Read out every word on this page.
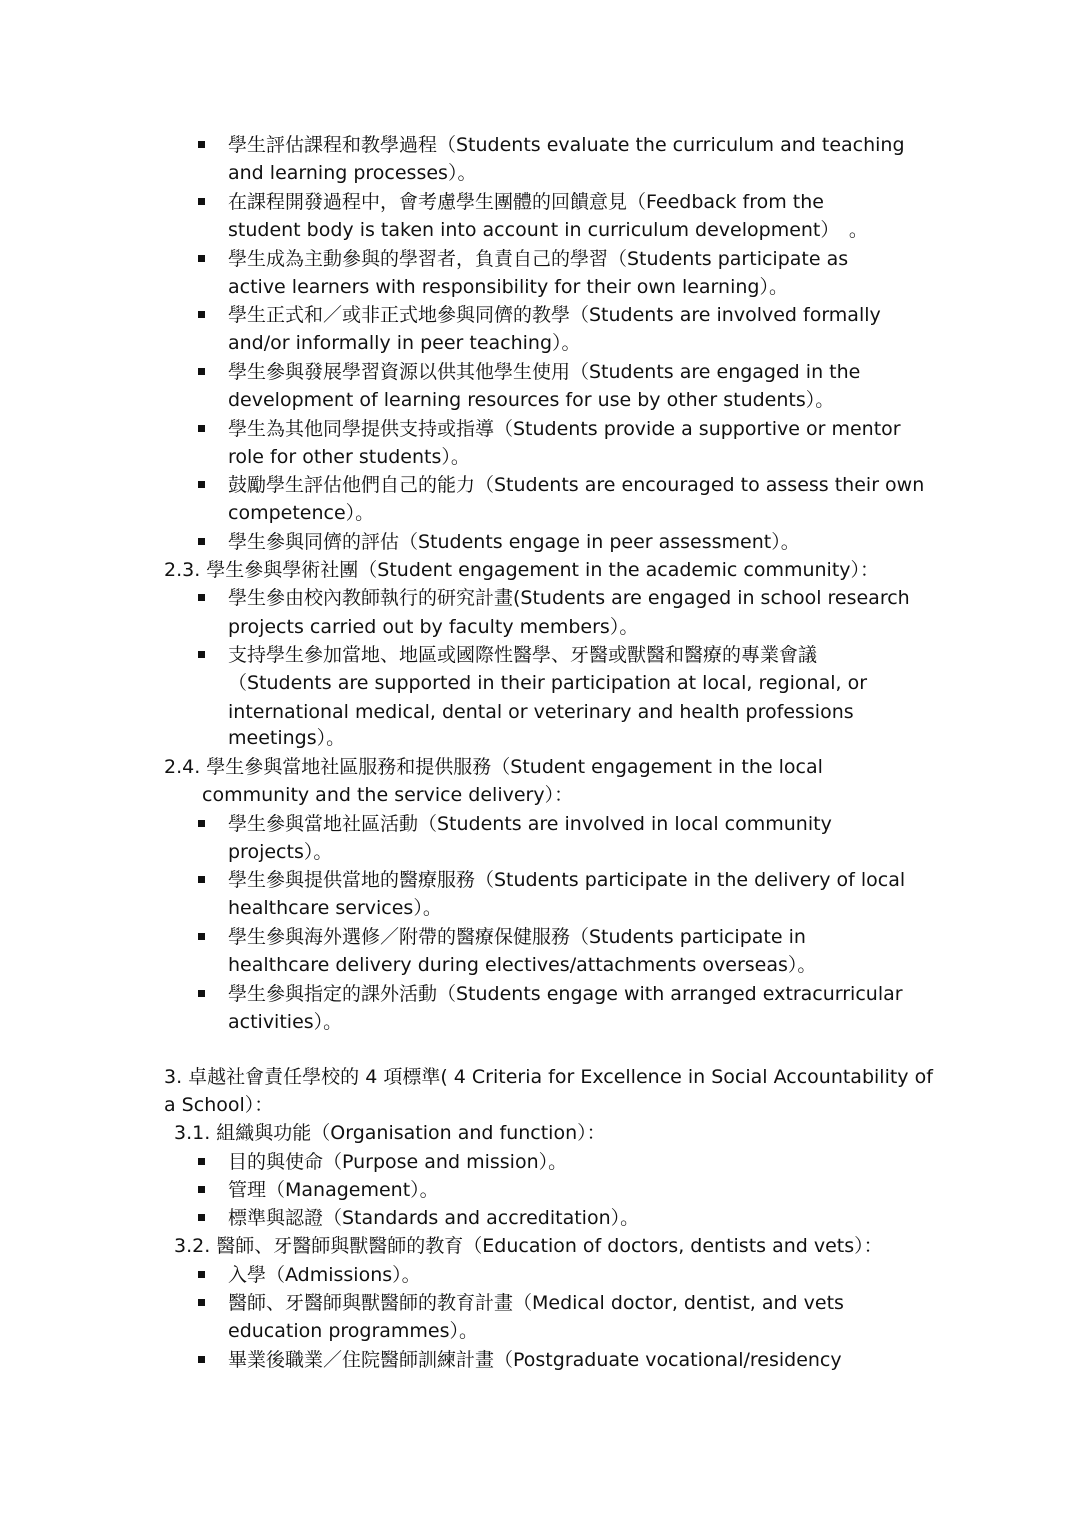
學生評估課程和教學過程（Students evaluate the curriculum and teaching
and learning processes）。
在課程開發過程中，會考慮學生團體的回饋意見（Feedback from the
student body is taken into account in curriculum development）　。
學生成為主動參與的學習者，負責自己的學習（Students participate as
active learners with responsibility for their own learning）。
學生正式和／或非正式地參與同儕的教學（Students are involved formally
and/or informally in peer teaching）。
學生參與發展學習資源以供其他學生使用（Students are engaged in the
development of learning resources for use by other students）。
學生為其他同學提供支持或指導（Students provide a supportive or mentor
role for other students）。
鼓勵學生評估他們自己的能力（Students are encouraged to assess their own
competence）。
學生參與同儕的評估（Students engage in peer assessment）。
2.3. 學生參與學術社團（Student engagement in the academic community）：
學生參由校內教師執行的研究計畫(Students are engaged in school research
projects carried out by faculty members）。
支持學生參加當地、地區或國際性醫學、牙醫或獸醫和醫療的專業會議
（Students are supported in their participation at local, regional, or
international medical, dental or veterinary and health professions
meetings）。
2.4. 學生參與當地社區服務和提供服務（Student engagement in the local
community and the service delivery）：
學生參與當地社區活動（Students are involved in local community
projects）。
學生參與提供當地的醫療服務（Students participate in the delivery of local
healthcare services）。
學生參與海外選修／附帶的醫療保健服務（Students participate in
healthcare delivery during electives/attachments overseas）。
學生參與指定的課外活動（Students engage with arranged extracurricular
activities）。
3. 卓越社會責任學校的 4 項標準( 4 Criteria for Excellence in Social Accountability of
a School）：
3.1. 組織與功能（Organisation and function）：
目的與使命（Purpose and mission）。
管理（Management）。
標準與認證（Standards and accreditation）。
3.2. 醫師、牙醫師與獸醫師的教育（Education of doctors, dentists and vets）：
入學（Admissions）。
醫師、牙醫師與獸醫師的教育計畫（Medical doctor, dentist, and vets
education programmes）。
畢業後職業／住院醫師訓練計畫（Postgraduate vocational/residency
